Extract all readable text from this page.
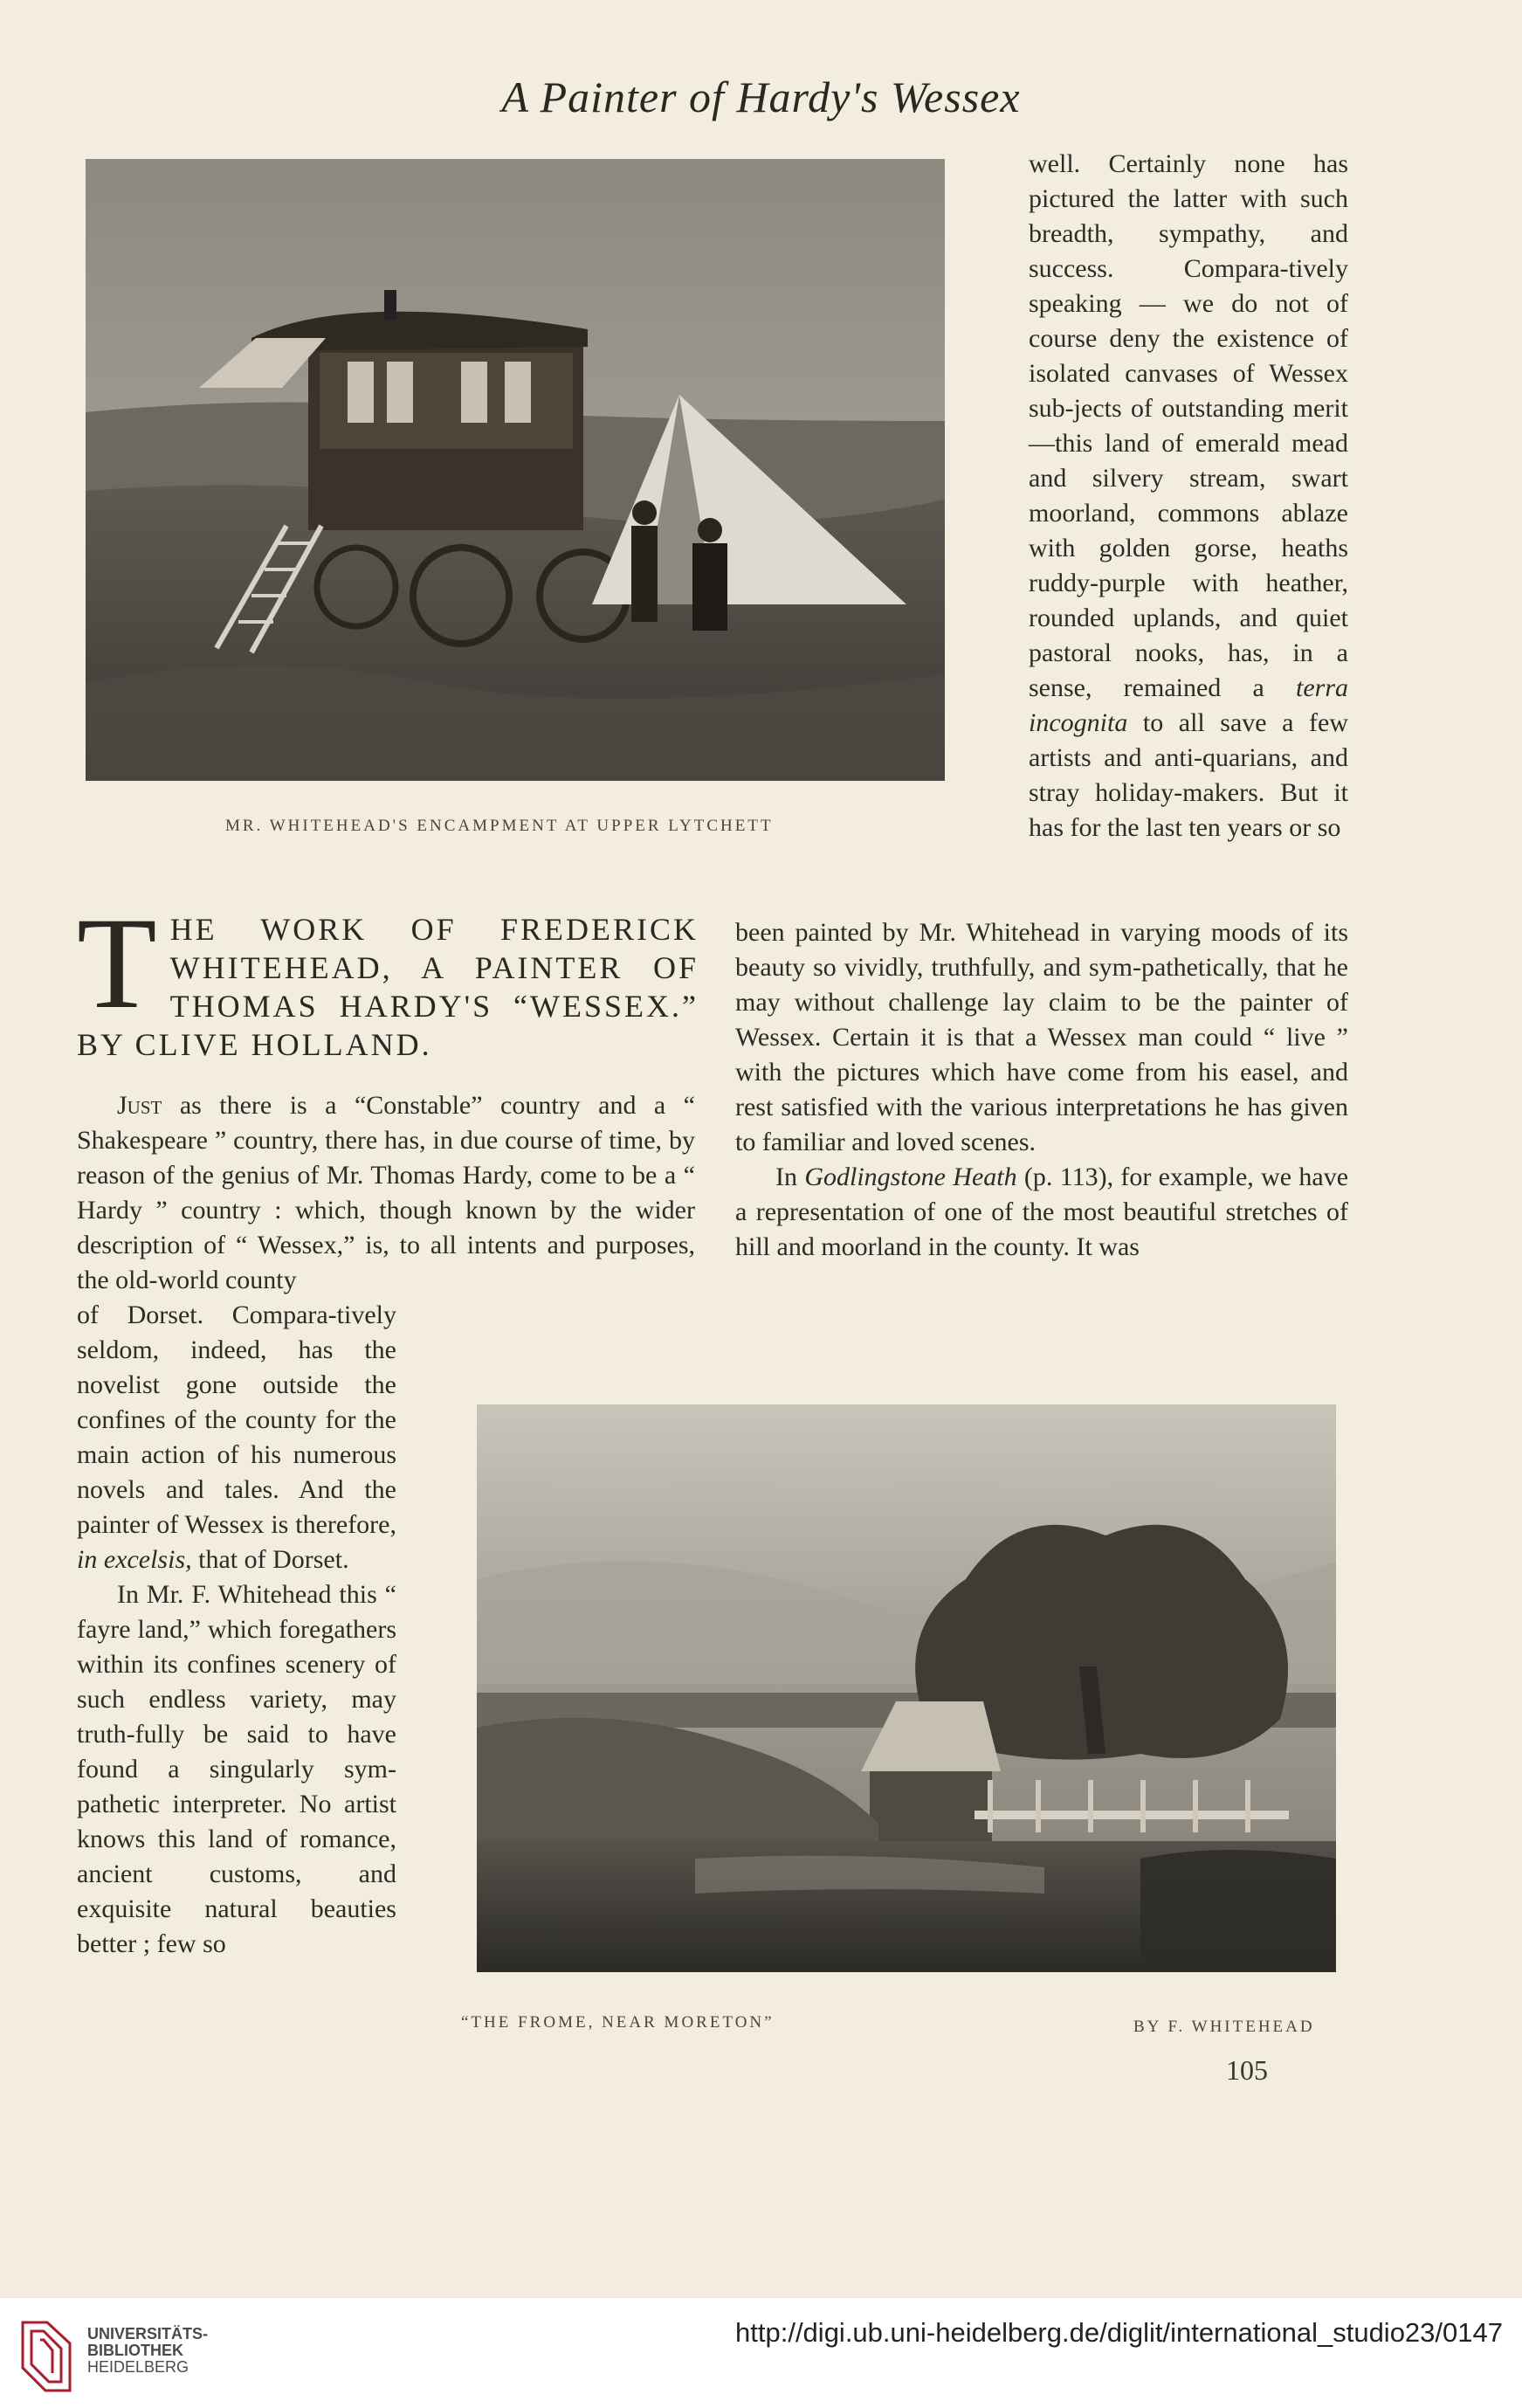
A Painter of Hardy's Wessex
MR. WHITEHEAD'S ENCAMPMENT AT UPPER LYTCHETT

well. Certainly none has pictured the latter with such breadth, sympathy, and success. Compara-tively speaking — we do not of course deny the existence of isolated canvases of Wessex sub-jects of outstanding merit —this land of emerald mead and silvery stream, swart moorland, commons ablaze with golden gorse, heaths ruddy-purple with heather, rounded uplands, and quiet pastoral nooks, has, in a sense, remained a terra incognita to all save a few artists and anti-quarians, and stray holiday-makers. But it has for the last ten years or so

T HE WORK OF FREDERICK
WHITEHEAD, A PAINTER OF
THOMAS HARDY'S “WESSEX.”
BY CLIVE HOLLAND.

been painted by Mr. Whitehead in varying moods of its beauty so vividly, truthfully, and sym-pathetically, that he may without challenge lay claim to be the painter of Wessex. Certain it is that a Wessex man could “ live ” with the pictures which have come from his easel, and rest satisfied with the various interpretations he has given to familiar and loved scenes.

In Godlingstone Heath (p. 113), for example, we have a representation of one of the most beautiful stretches of hill and moorland in the county. It was

Just as there is a “Constable” country and a “ Shakespeare ” country, there has, in due course of time, by reason of the genius of Mr. Thomas Hardy, come to be a “ Hardy ” country : which, though known by the wider description of “ Wessex,” is, to all intents and purposes, the old-world county

of Dorset. Compara-tively seldom, indeed, has the novelist gone outside the confines of the county for the main action of his numerous novels and tales. And the painter of Wessex is therefore, in excelsis, that of Dorset.

In Mr. F. Whitehead this “ fayre land,” which foregathers within its confines scenery of such endless variety, may truth-fully be said to have found a singularly sym-pathetic interpreter. No artist knows this land of romance, ancient customs, and exquisite natural beauties better ; few so

“THE FROME, NEAR MORETON”	BY F. WHITEHEAD
105
UNIVERSITÄTS-
BIBLIOTHEK
HEIDELBERG
http://digi.ub.uni-heidelberg.de/diglit/international_studio23/0147
